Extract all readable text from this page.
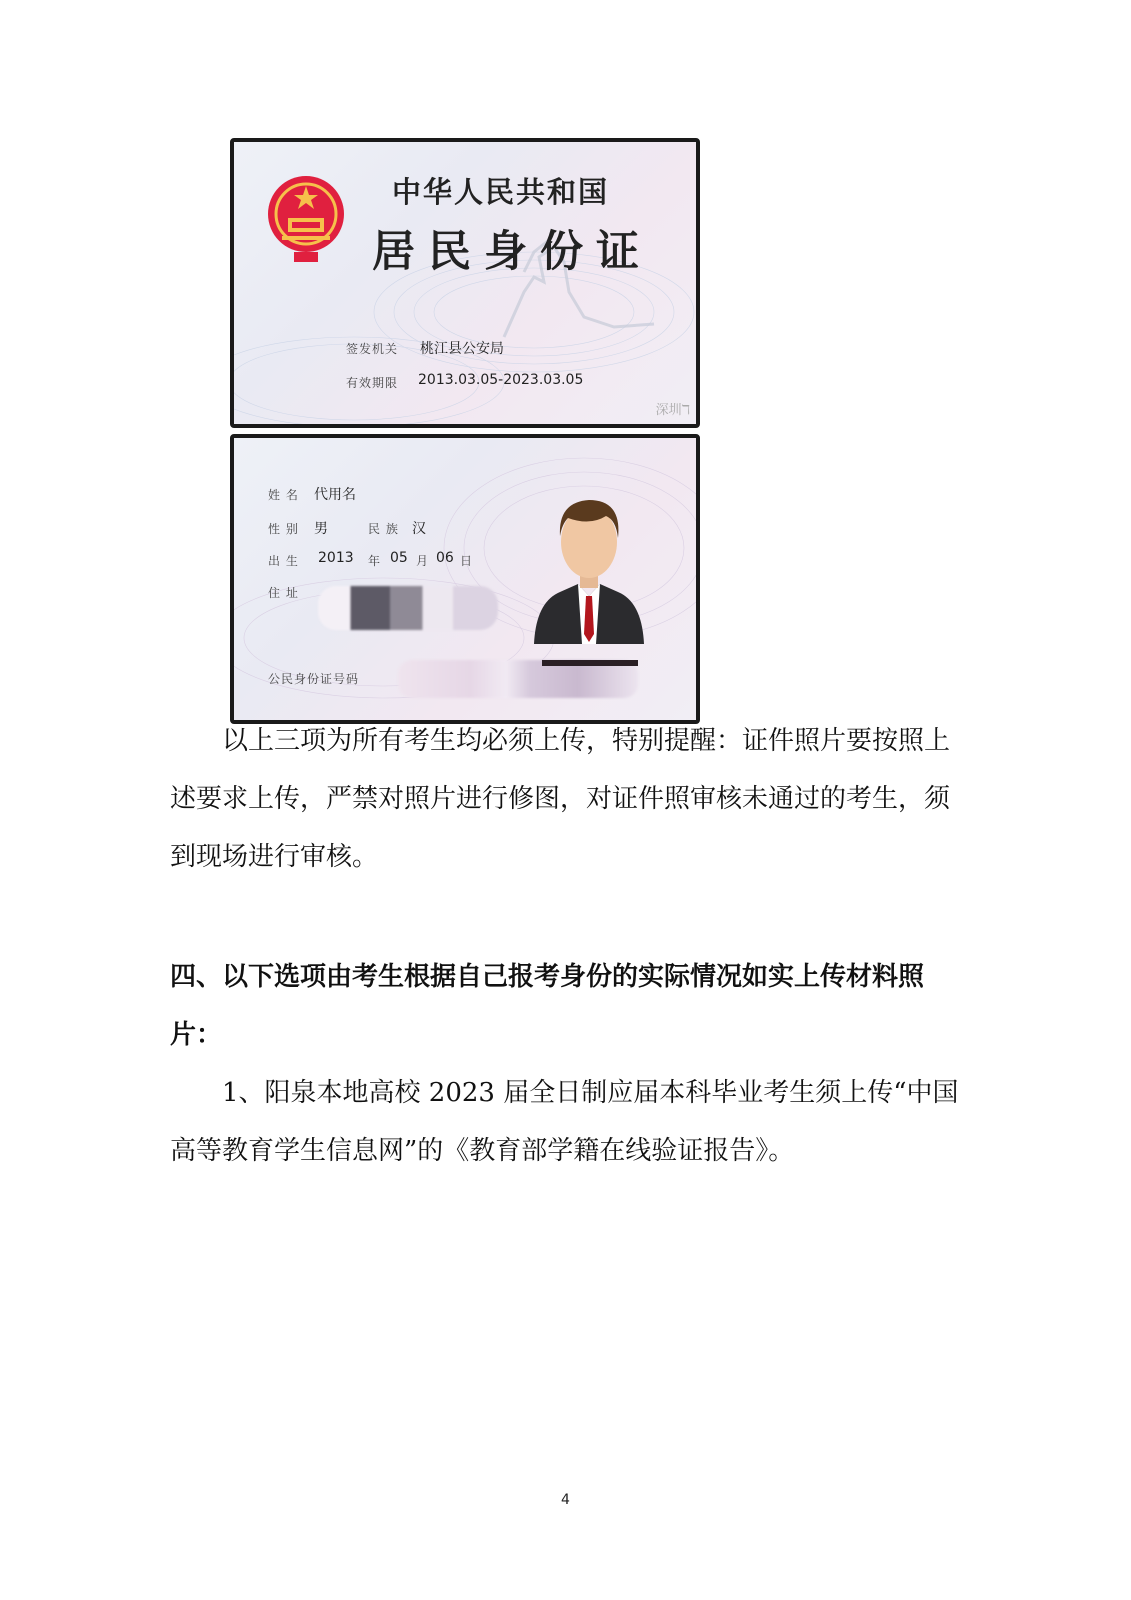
中华人民共和国
居民身份证
签发机关 桃江县公安局
有效期限 2013.03.05-2023.03.05
深圳ℸ
姓 名 代用名
性 别 男	民 族 汉
出 生 2013 年 05 月 06 日
住 址
公民身份证号码
以上三项为所有考生均必须上传，特别提醒：证件照片要按照上述要求上传，严禁对照片进行修图，对证件照审核未通过的考生，须到现场进行审核。
四、以下选项由考生根据自己报考身份的实际情况如实上传材料照片：
1、阳泉本地高校 2023 届全日制应届本科毕业考生须上传“中国高等教育学生信息网”的《教育部学籍在线验证报告》。
4
